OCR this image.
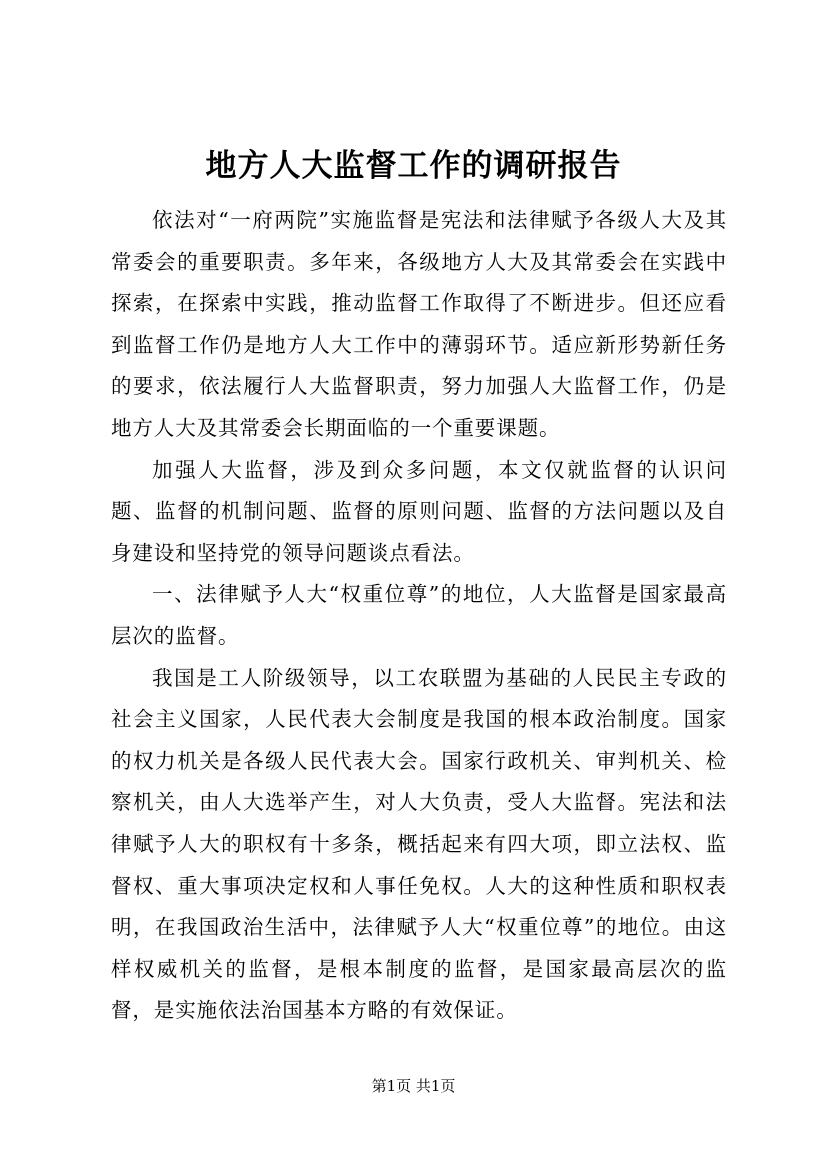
地方人大监督工作的调研报告

依法对“一府两院”实施监督是宪法和法律赋予各级人大及其常委会的重要职责。多年来，各级地方人大及其常委会在实践中探索，在探索中实践，推动监督工作取得了不断进步。但还应看到监督工作仍是地方人大工作中的薄弱环节。适应新形势新任务的要求，依法履行人大监督职责，努力加强人大监督工作，仍是地方人大及其常委会长期面临的一个重要课题。

加强人大监督，涉及到众多问题，本文仅就监督的认识问题、监督的机制问题、监督的原则问题、监督的方法问题以及自身建设和坚持党的领导问题谈点看法。

一、法律赋予人大“权重位尊”的地位，人大监督是国家最高层次的监督。

我国是工人阶级领导，以工农联盟为基础的人民民主专政的社会主义国家，人民代表大会制度是我国的根本政治制度。国家的权力机关是各级人民代表大会。国家行政机关、审判机关、检察机关，由人大选举产生，对人大负责，受人大监督。宪法和法律赋予人大的职权有十多条，概括起来有四大项，即立法权、监督权、重大事项决定权和人事任免权。人大的这种性质和职权表明，在我国政治生活中，法律赋予人大“权重位尊”的地位。由这样权威机关的监督，是根本制度的监督，是国家最高层次的监督，是实施依法治国基本方略的有效保证。

第1页 共1页
